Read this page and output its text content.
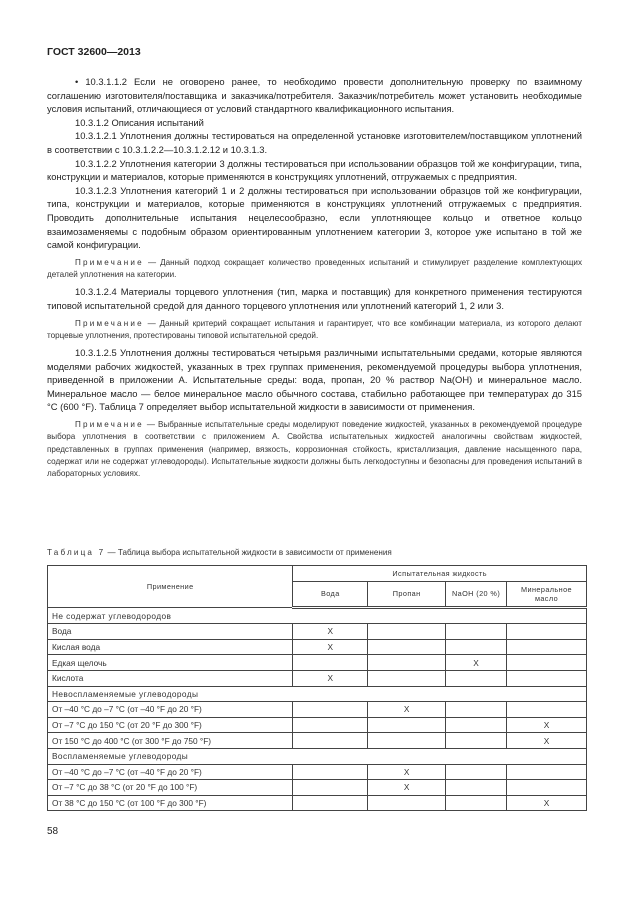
ГОСТ 32600—2013

• 10.3.1.1.2 Если не оговорено ранее, то необходимо провести дополнительную проверку по взаимному соглашению изготовителя/поставщика и заказчика/потребителя. Заказчик/потребитель может установить необходимые условия испытаний, отличающиеся от условий стандартного квалификационного испытания.

10.3.1.2 Описания испытаний

10.3.1.2.1 Уплотнения должны тестироваться на определенной установке изготовителем/поставщиком уплотнений в соответствии с 10.3.1.2.2—10.3.1.2.12 и 10.3.1.3.

10.3.1.2.2 Уплотнения категории 3 должны тестироваться при использовании образцов той же конфигурации, типа, конструкции и материалов, которые применяются в конструкциях уплотнений, отгружаемых с предприятия.

10.3.1.2.3 Уплотнения категорий 1 и 2 должны тестироваться при использовании образцов той же конфигурации, типа, конструкции и материалов, которые применяются в конструкциях уплотнений отгружаемых с предприятия. Проводить дополнительные испытания нецелесообразно, если уплотняющее кольцо и ответное кольцо взаимозаменяемы с подобным образом ориентированным уплотнением категории 3, которое уже испытано в той же самой конфигурации.

Примечание — Данный подход сокращает количество проведенных испытаний и стимулирует разделение комплектующих деталей уплотнения на категории.

10.3.1.2.4 Материалы торцевого уплотнения (тип, марка и поставщик) для конкретного применения тестируются типовой испытательной средой для данного торцевого уплотнения или уплотнений категорий 1, 2 или 3.

Примечание — Данный критерий сокращает испытания и гарантирует, что все комбинации материала, из которого делают торцевые уплотнения, протестированы типовой испытательной средой.

10.3.1.2.5 Уплотнения должны тестироваться четырьмя различными испытательными средами, которые являются моделями рабочих жидкостей, указанных в трех группах применения, рекомендуемой процедуры выбора уплотнения, приведенной в приложении А. Испытательные среды: вода, пропан, 20 % раствор Na(OH) и минеральное масло. Минеральное масло — белое минеральное масло обычного состава, стабильно работающее при температурах до 315 °C (600 °F). Таблица 7 определяет выбор испытательной жидкости в зависимости от применения.

Примечание — Выбранные испытательные среды моделируют поведение жидкостей, указанных в рекомендуемой процедуре выбора уплотнения в соответствии с приложением А. Свойства испытательных жидкостей аналогичны свойствам жидкостей, представленных в группах применения (например, вязкость, коррозионная стойкость, кристаллизация, давление насыщенного пара, содержат или не содержат углеводороды). Испытательные жидкости должны быть легкодоступны и безопасны для проведения испытаний в лабораторных условиях.

Таблица 7 — Таблица выбора испытательной жидкости в зависимости от применения
Применение	Испытательная жидкость			
	Вода	Пропан	NaOH (20 %)	Минеральное масло
Не содержат углеводородов				
Вода	X			
Кислая вода	X			
Едкая щелочь			X	
Кислота	X			
Невоспламеняемые углеводороды				
От –40 °C до –7 °C (от –40 °F до 20 °F)		X		
От –7 °C до 150 °C (от 20 °F до 300 °F)				X
От 150 °C до 400 °C (от 300 °F до 750 °F)				X
Воспламеняемые углеводороды				
От –40 °C до –7 °C (от –40 °F до 20 °F)		X		
От –7 °C до 38 °C (от 20 °F до 100 °F)		X		
От 38 °C до 150 °C (от 100 °F до 300 °F)				X
58
